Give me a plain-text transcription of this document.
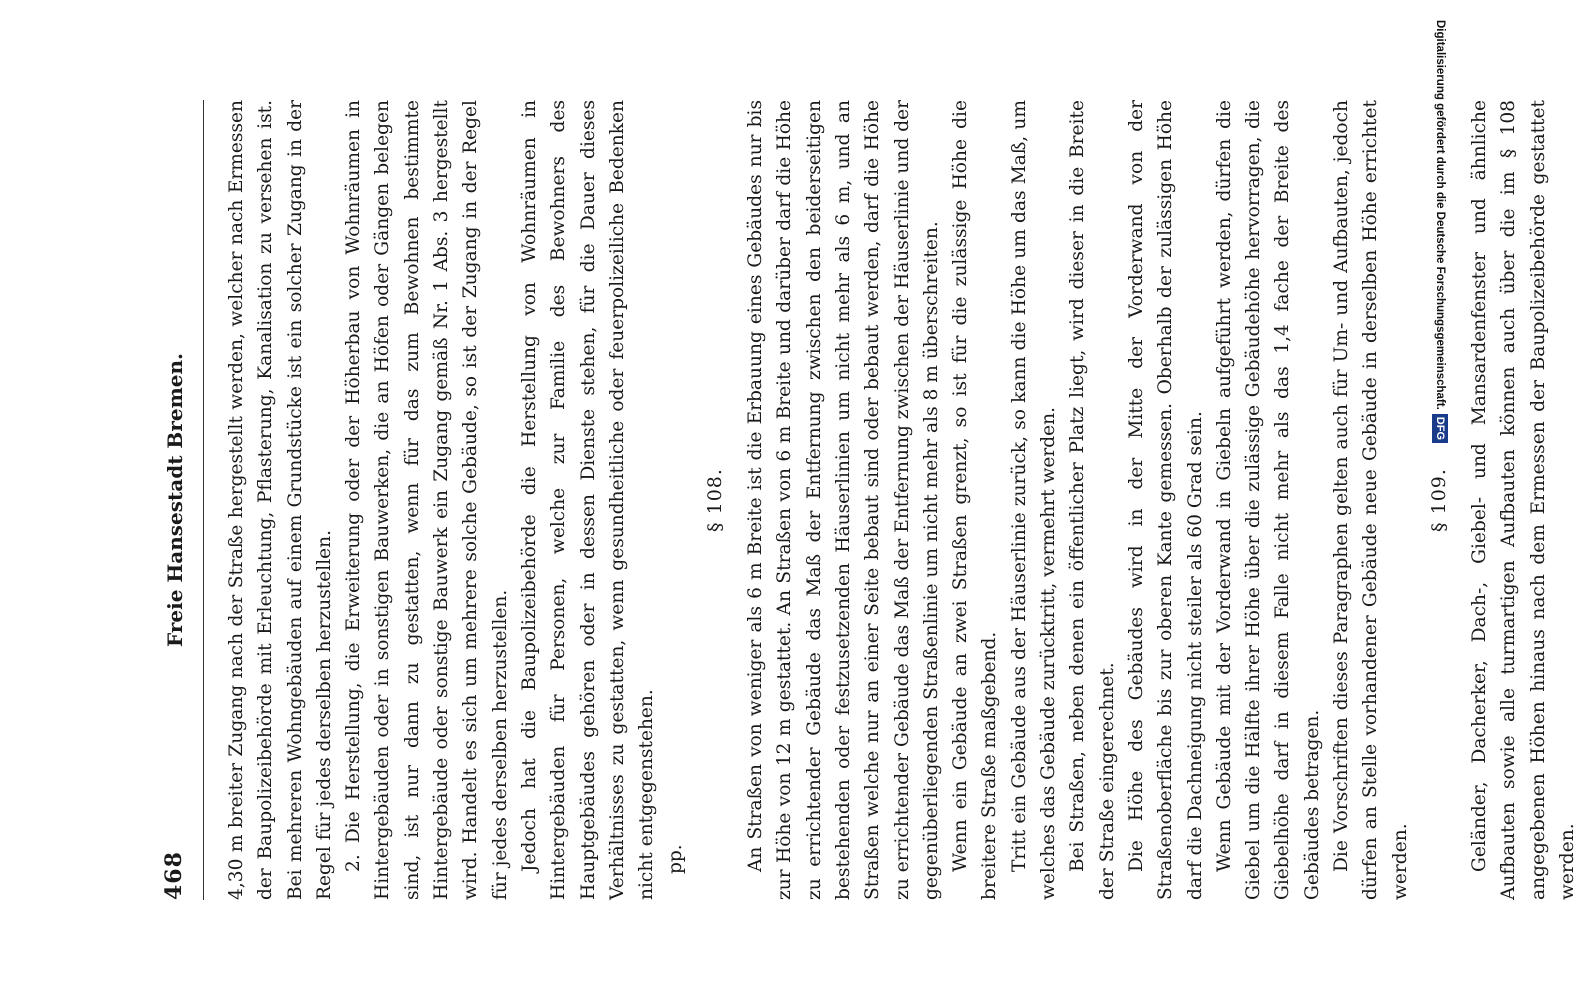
468
Freie Hansestadt Bremen. 4,30 m breiter Zugang nach der Straße hergestellt werden, welcher nach Ermessen der Baupolizeibehörde mit Erleuchtung, Pflasterung, Kanalisation zu versehen ist. Bei mehreren Wohngebäuden auf einem Grundstücke ist ein solcher Zugang in der Regel für jedes derselben herzustellen. 2. Die Herstellung, die Erweiterung oder der Höherbau von Wohnräumen in Hintergebäuden oder in sonstigen Bauwerken, die an Höfen oder Gängen belegen sind, ist nur dann zu gestatten, wenn für das zum Bewohnen bestimmte Hintergebäude oder sonstige Bauwerk ein Zugang gemäß Nr. 1 Abs. 3 hergestellt wird. Handelt es sich um mehrere solche Gebäude, so ist der Zugang in der Regel für jedes derselben herzustellen. Jedoch hat die Baupolizeibehörde die Herstellung von Wohnräumen in Hintergebäuden für Personen, welche zur Familie des Bewohners des Hauptgebäudes gehören oder in dessen Dienste stehen, für die Dauer dieses Verhältnisses zu gestatten, wenn gesundheitliche oder feuerpolizeiliche Bedenken nicht entgegenstehen. pp.

§ 108.	An Straßen von weniger als 6 m Breite ist die Erbauung eines Gebäudes nur bis zur Höhe von 12 m gestattet. An Straßen von 6 m Breite und darüber darf die Höhe zu errichtender Gebäude das Maß der Entfernung zwischen den beiderseitigen bestehenden oder festzusetzenden Häuserlinien um nicht mehr als 6 m, und an Straßen welche nur an einer Seite bebaut sind oder bebaut werden, darf die Höhe zu errichtender Gebäude das Maß der Entfernung zwischen der Häuserlinie und der gegenüberliegenden Straßenlinie um nicht mehr als 8 m überschreiten. Wenn ein Gebäude an zwei Straßen grenzt, so ist für die zulässige Höhe die breitere Straße maßgebend. Tritt ein Gebäude aus der Häuserlinie zurück, so kann die Höhe um das Maß, um welches das Gebäude zurücktritt, vermehrt werden. Bei Straßen, neben denen ein öffentlicher Platz liegt, wird dieser in die Breite der Straße eingerechnet. Die Höhe des Gebäudes wird in der Mitte der Vorderwand von der Straßenoberfläche bis zur oberen Kante gemessen. Oberhalb der zulässigen Höhe darf die Dachneigung nicht steiler als 60 Grad sein. Wenn Gebäude mit der Vorderwand in Giebeln aufgeführt werden, dürfen die Giebel um die Hälfte ihrer Höhe über die zulässige Gebäudehöhe hervorragen, die Giebelhöhe darf in diesem Falle nicht mehr als das 1,4 fache der Breite des Gebäudes betragen. Die Vorschriften dieses Paragraphen gelten auch für Um- und Aufbauten, jedoch dürfen an Stelle vorhandener Gebäude neue Gebäude in derselben Höhe errichtet werden.

§ 109.	Geländer, Dacherker, Dach-, Giebel- und Mansardenfenster und ähnliche Aufbauten sowie alle turmartigen Aufbauten können auch über die im § 108 angegebenen Höhen hinaus nach dem Ermessen der Baupolizeibehörde gestattet werden.

Digitalisierung gefördert durch die Deutsche Forschungsgemeinschaft.DFG
